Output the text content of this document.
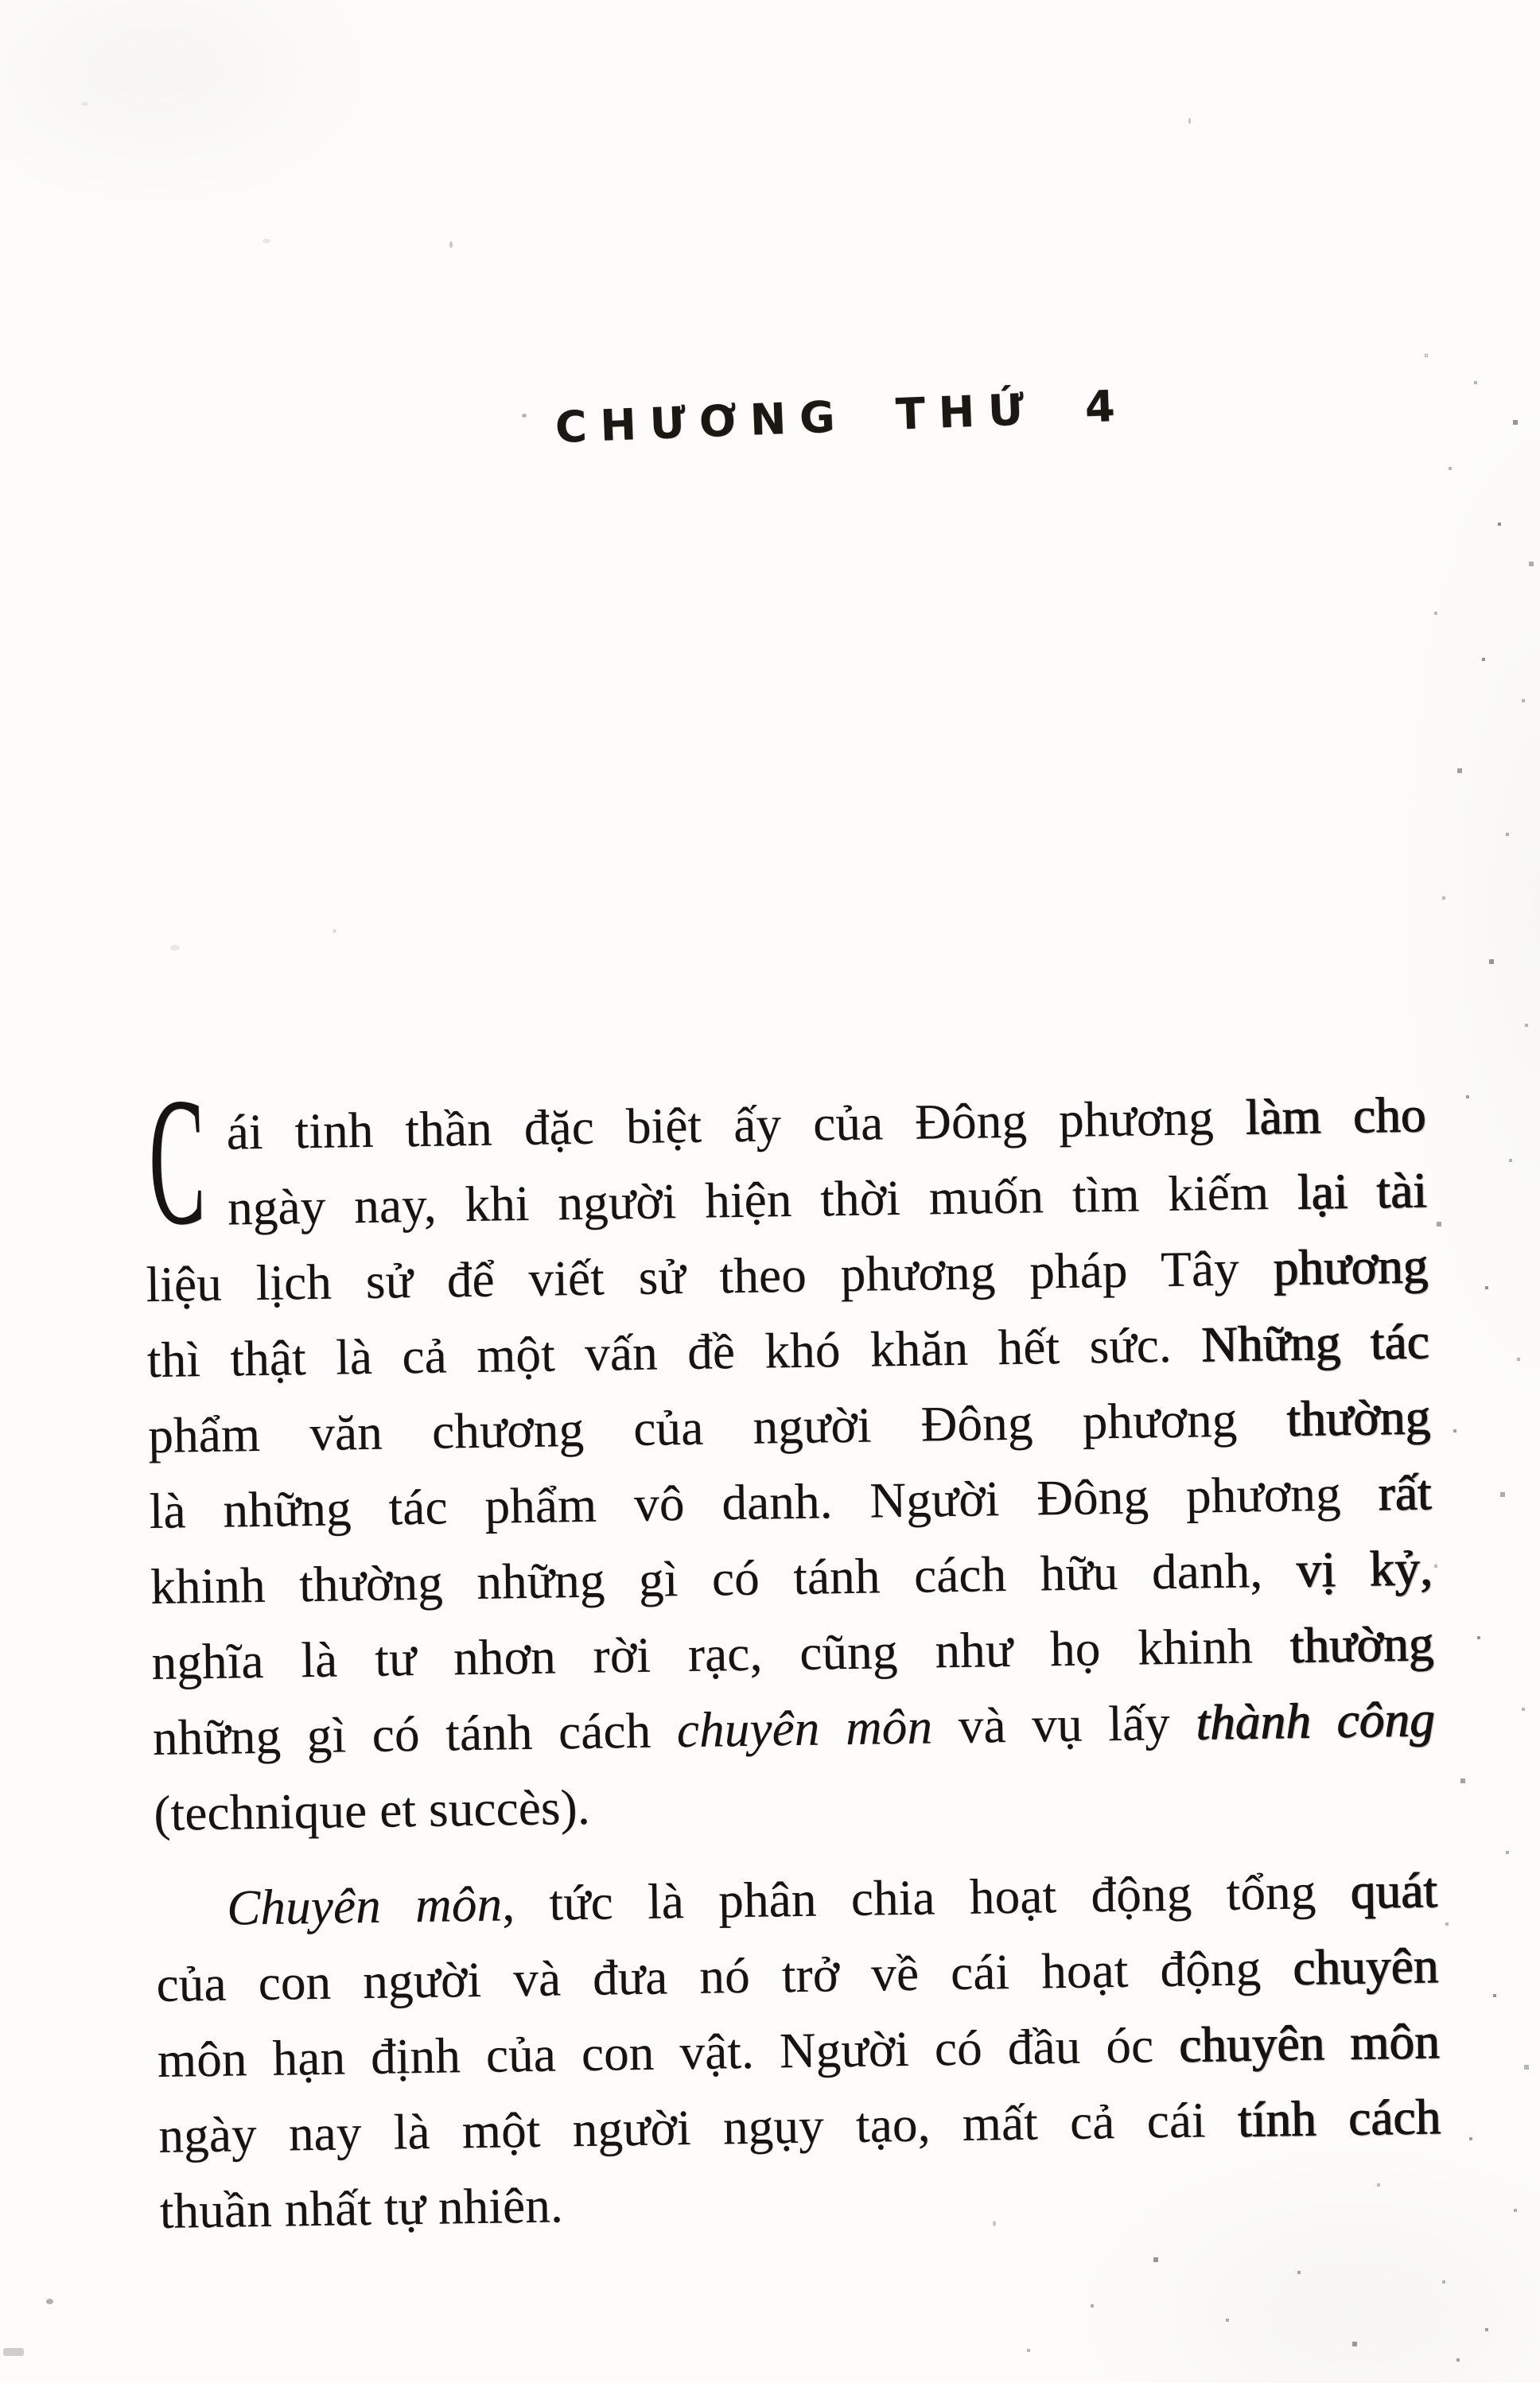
CHƯƠNG THỨ 4
C ái tinh thần đặc biệt ấy của Đông phương làm cho
ngày nay, khi người hiện thời muốn tìm kiếm lại tài
liệu lịch sử để viết sử theo phương pháp Tây phương
thì thật là cả một vấn đề khó khăn hết sức. Những tác
phẩm văn chương của người Đông phương thường
là những tác phẩm vô danh. Người Đông phương rất
khinh thường những gì có tánh cách hữu danh, vị kỷ,
nghĩa là tư nhơn rời rạc, cũng như họ khinh thường
những gì có tánh cách chuyên môn và vụ lấy thành công
(technique et succès).
Chuyên môn, tức là phân chia hoạt động tổng quát
của con người và đưa nó trở về cái hoạt động chuyên
môn hạn định của con vật. Người có đầu óc chuyên môn
ngày nay là một người ngụy tạo, mất cả cái tính cách
thuần nhất tự nhiên.
